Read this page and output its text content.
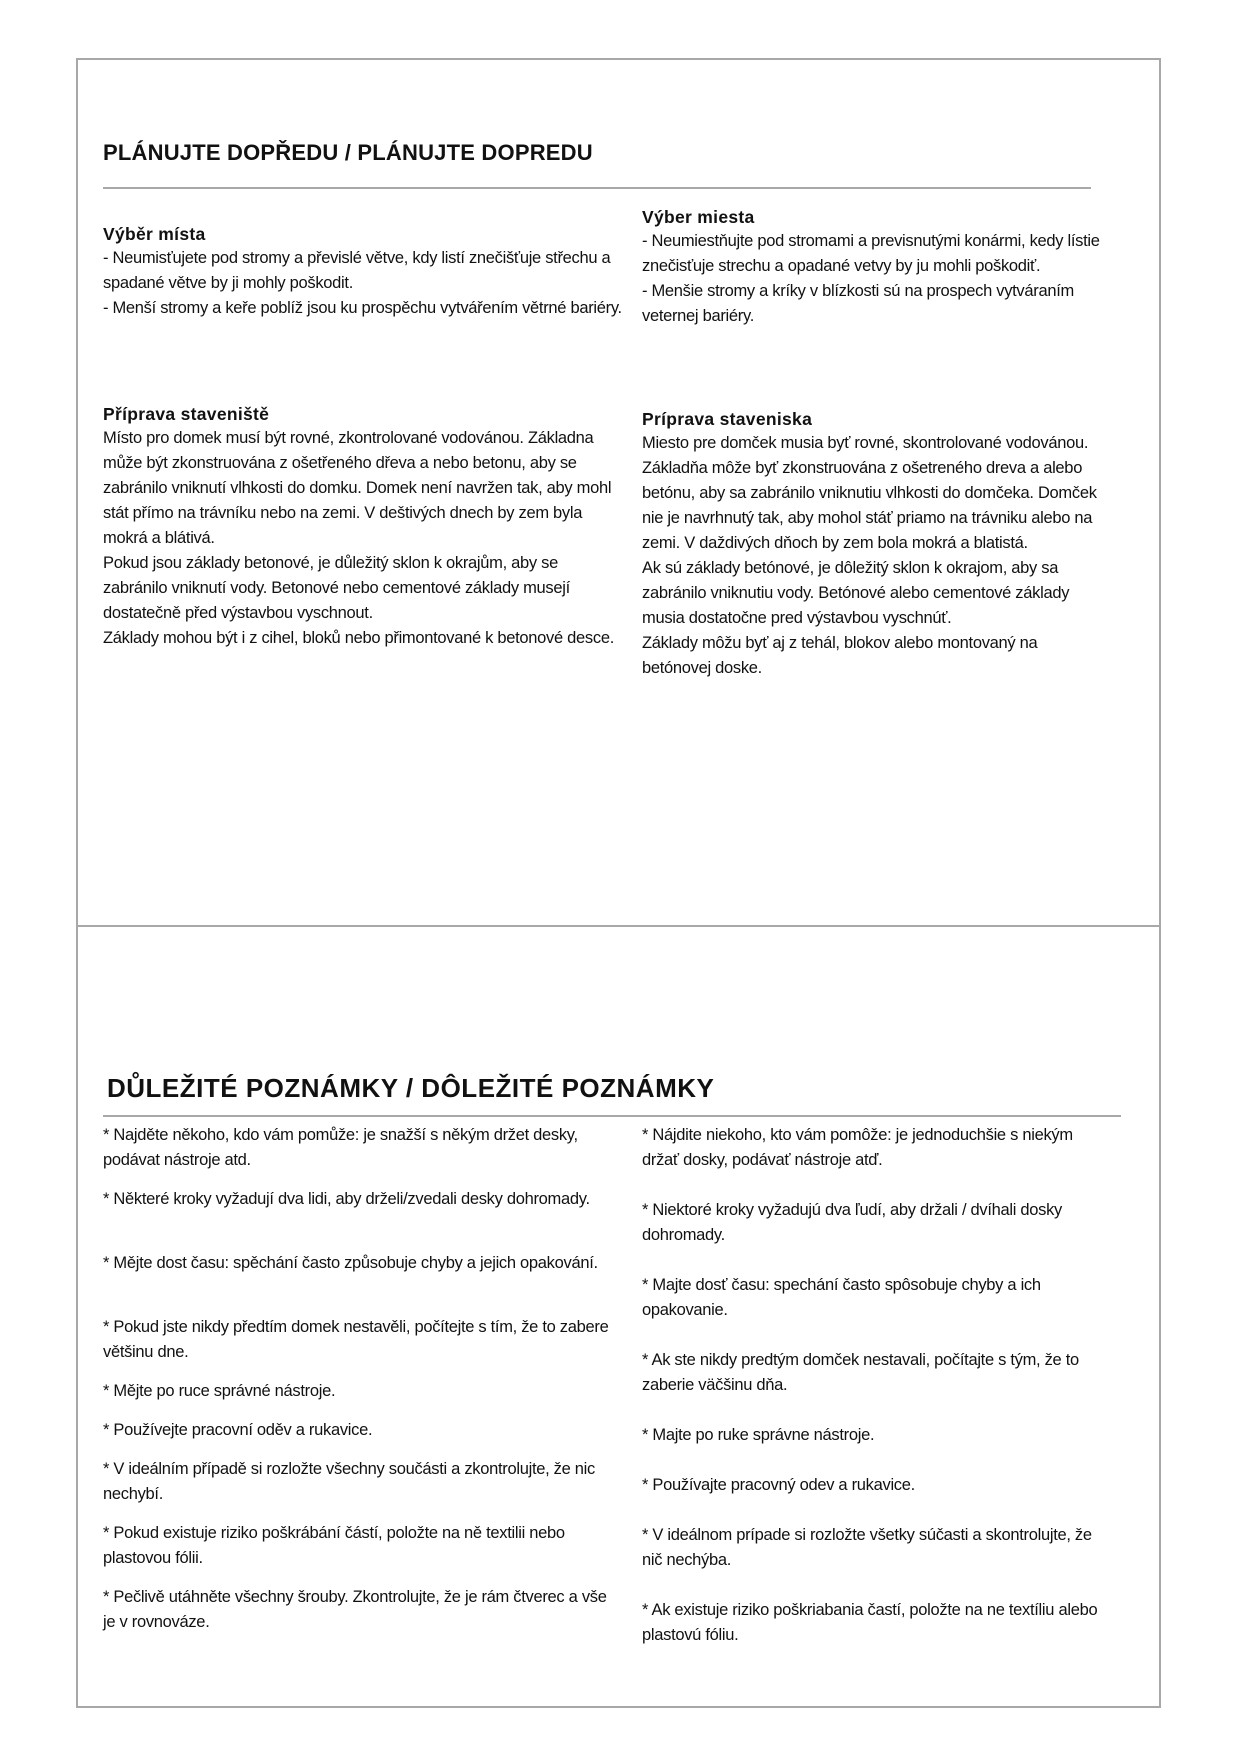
PLÁNUJTE DOPŘEDU / PLÁNUJTE DOPREDU
Výběr místa

- Neumisťujete pod stromy a převislé větve, kdy listí znečišťuje střechu a spadané větve by ji mohly poškodit.
- Menší stromy a keře poblíž jsou ku prospěchu vytvářením větrné bariéry.

Příprava staveniště

Místo pro domek musí být rovné, zkontrolované vodovánou. Základna může být zkonstruována z ošetřeného dřeva a nebo betonu, aby se zabránilo vniknutí vlhkosti do domku. Domek není navržen tak, aby mohl stát přímo na trávníku nebo na zemi. V deštivých dnech by zem byla mokrá a blátivá.
Pokud jsou základy betonové, je důležitý sklon k okrajům, aby se zabránilo vniknutí vody. Betonové nebo cementové základy musejí dostatečně před výstavbou vyschnout.
Základy mohou být i z cihel, bloků nebo přimontované k betonové desce.

Výber miesta

- Neumiestňujte pod stromami a previsnutými konármi, kedy lístie znečisťuje strechu a opadané vetvy by ju mohli poškodiť.
- Menšie stromy a kríky v blízkosti sú na prospech vytváraním veternej bariéry.

Príprava staveniska

Miesto pre domček musia byť rovné, skontrolované vodovánou.
Základňa môže byť zkonstruována z ošetreného dreva a alebo betónu, aby sa zabránilo vniknutiu vlhkosti do domčeka. Domček nie je navrhnutý tak, aby mohol stáť priamo na trávniku alebo na zemi. V daždivých dňoch by zem bola mokrá a blatistá.
Ak sú základy betónové, je dôležitý sklon k okrajom, aby sa zabránilo vniknutiu vody. Betónové alebo cementové základy musia dostatočne pred výstavbou vyschnúť.
Základy môžu byť aj z tehál, blokov alebo montovaný na betónovej doske.

DŮLEŽITÉ POZNÁMKY / DÔLEŽITÉ POZNÁMKY

* Najděte někoho, kdo vám pomůže: je snažší s někým držet desky, podávat nástroje atd.

* Některé kroky vyžadují dva lidi, aby drželi/zvedali desky dohromady.

* Mějte dost času: spěchání často způsobuje chyby a jejich opakování.

* Pokud jste nikdy předtím domek nestavěli, počítejte s tím, že to zabere většinu dne.

* Mějte po ruce správné nástroje.

* Používejte pracovní oděv a rukavice.

* V ideálním případě si rozložte všechny součásti a zkontrolujte, že nic nechybí.

* Pokud existuje riziko poškrábání částí, položte na ně textilii nebo plastovou fólii.

* Pečlivě utáhněte všechny šrouby. Zkontrolujte, že je rám čtverec a vše je v rovnováze.

* Nájdite niekoho, kto vám pomôže: je jednoduchšie s niekým držať dosky, podávať nástroje atď.

* Niektoré kroky vyžadujú dva ľudí, aby držali / dvíhali dosky dohromady.

* Majte dosť času: spechání často spôsobuje chyby a ich opakovanie.

* Ak ste nikdy predtým domček nestavali, počítajte s tým, že to zaberie väčšinu dňa.

* Majte po ruke správne nástroje.

* Používajte pracovný odev a rukavice.

* V ideálnom prípade si rozložte všetky súčasti a skontrolujte, že nič nechýba.

* Ak existuje riziko poškriabania častí, položte na ne textíliu alebo plastovú fóliu.
